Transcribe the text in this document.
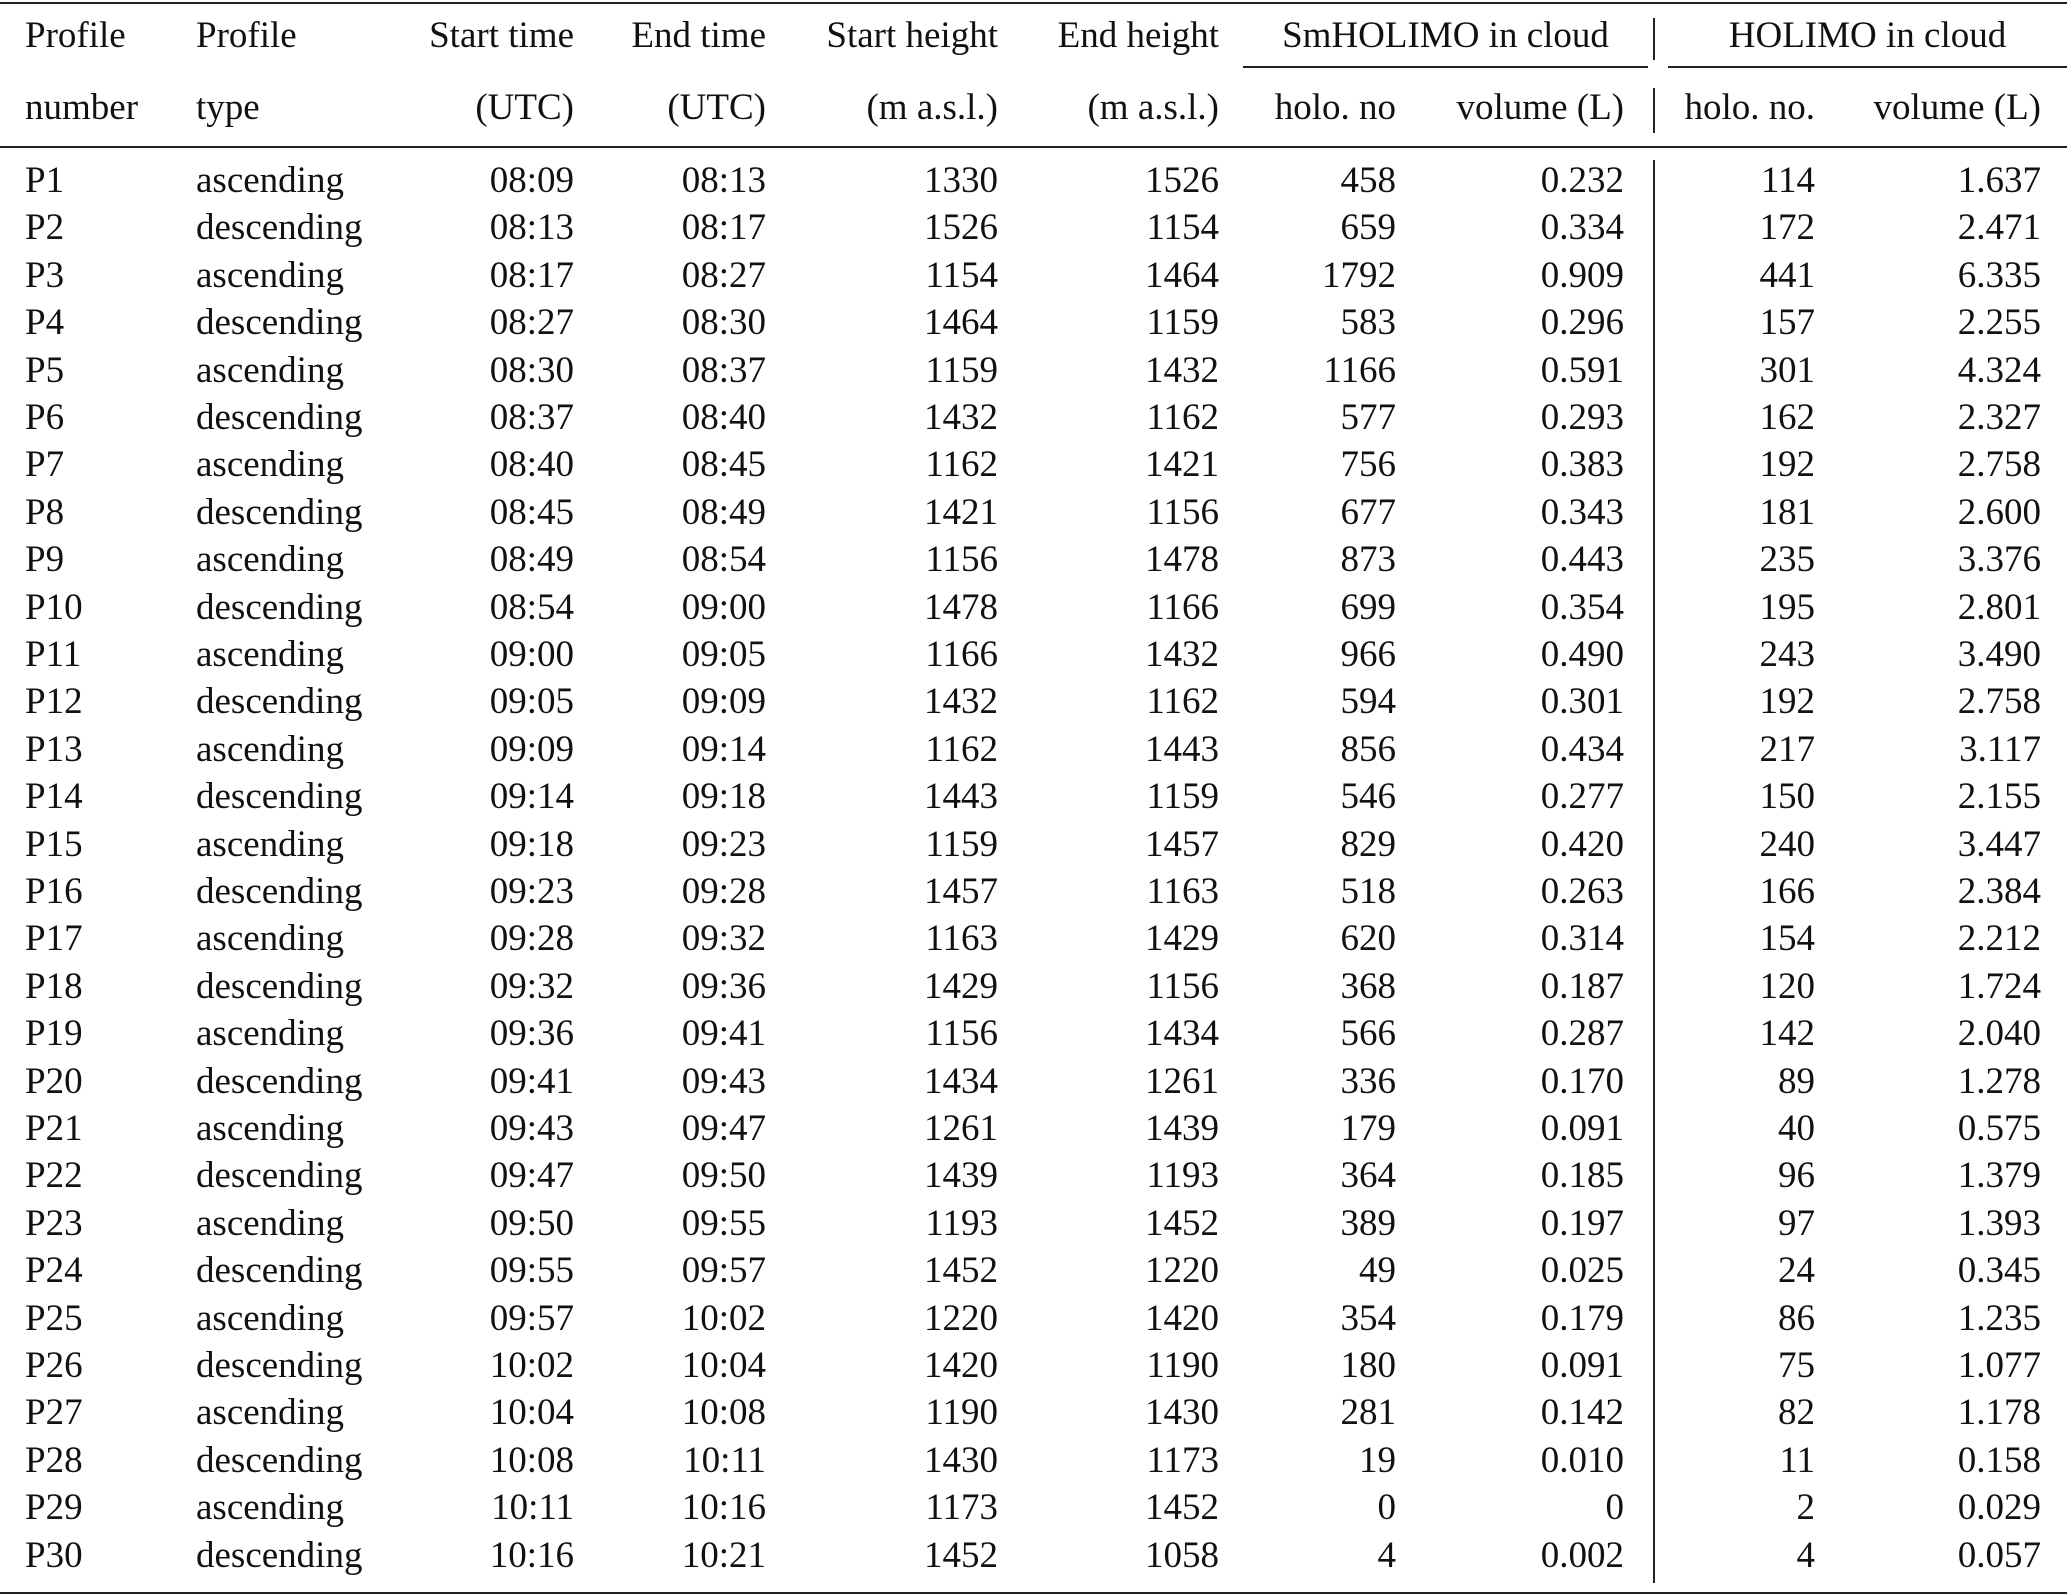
Profile	Profile	Start time	End time	Start height	End height	SmHOLIMO in cloud	HOLIMO in cloud
number	type	(UTC)	(UTC)	(m a.s.l.)	(m a.s.l.)	holo. no	volume (L)	holo. no.	volume (L)
P1	ascending	08:09	08:13	1330	1526	458	0.232	114	1.637
P2	descending	08:13	08:17	1526	1154	659	0.334	172	2.471
P3	ascending	08:17	08:27	1154	1464	1792	0.909	441	6.335
P4	descending	08:27	08:30	1464	1159	583	0.296	157	2.255
P5	ascending	08:30	08:37	1159	1432	1166	0.591	301	4.324
P6	descending	08:37	08:40	1432	1162	577	0.293	162	2.327
P7	ascending	08:40	08:45	1162	1421	756	0.383	192	2.758
P8	descending	08:45	08:49	1421	1156	677	0.343	181	2.600
P9	ascending	08:49	08:54	1156	1478	873	0.443	235	3.376
P10	descending	08:54	09:00	1478	1166	699	0.354	195	2.801
P11	ascending	09:00	09:05	1166	1432	966	0.490	243	3.490
P12	descending	09:05	09:09	1432	1162	594	0.301	192	2.758
P13	ascending	09:09	09:14	1162	1443	856	0.434	217	3.117
P14	descending	09:14	09:18	1443	1159	546	0.277	150	2.155
P15	ascending	09:18	09:23	1159	1457	829	0.420	240	3.447
P16	descending	09:23	09:28	1457	1163	518	0.263	166	2.384
P17	ascending	09:28	09:32	1163	1429	620	0.314	154	2.212
P18	descending	09:32	09:36	1429	1156	368	0.187	120	1.724
P19	ascending	09:36	09:41	1156	1434	566	0.287	142	2.040
P20	descending	09:41	09:43	1434	1261	336	0.170	89	1.278
P21	ascending	09:43	09:47	1261	1439	179	0.091	40	0.575
P22	descending	09:47	09:50	1439	1193	364	0.185	96	1.379
P23	ascending	09:50	09:55	1193	1452	389	0.197	97	1.393
P24	descending	09:55	09:57	1452	1220	49	0.025	24	0.345
P25	ascending	09:57	10:02	1220	1420	354	0.179	86	1.235
P26	descending	10:02	10:04	1420	1190	180	0.091	75	1.077
P27	ascending	10:04	10:08	1190	1430	281	0.142	82	1.178
P28	descending	10:08	10:11	1430	1173	19	0.010	11	0.158
P29	ascending	10:11	10:16	1173	1452	0	0	2	0.029
P30	descending	10:16	10:21	1452	1058	4	0.002	4	0.057
